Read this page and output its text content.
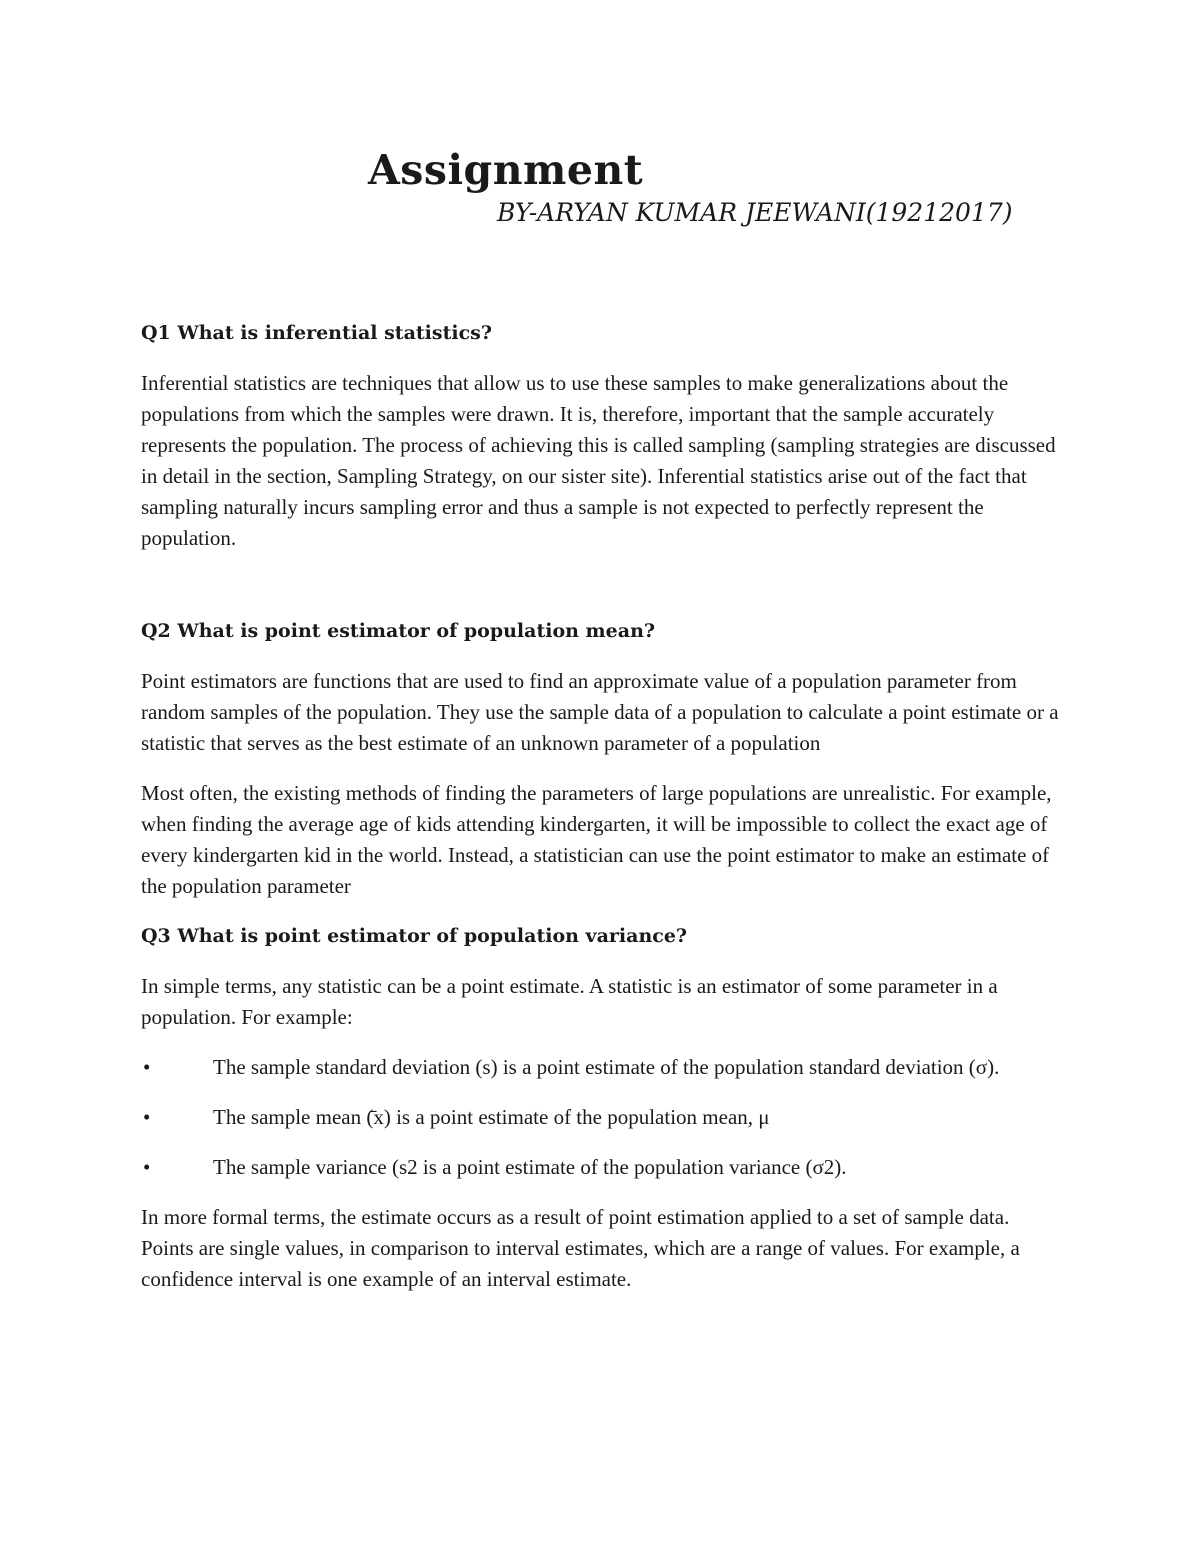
Assignment

BY-ARYAN KUMAR JEEWANI(19212017)

Q1 What is inferential statistics?

Inferential statistics are techniques that allow us to use these samples to make generalizations about the populations from which the samples were drawn. It is, therefore, important that the sample accurately represents the population. The process of achieving this is called sampling (sampling strategies are discussed in detail in the section, Sampling Strategy, on our sister site). Inferential statistics arise out of the fact that sampling naturally incurs sampling error and thus a sample is not expected to perfectly represent the population.

Q2 What is point estimator of population mean?

Point estimators are functions that are used to find an approximate value of a population parameter from random samples of the population. They use the sample data of a population to calculate a point estimate or a statistic that serves as the best estimate of an unknown parameter of a population

Most often, the existing methods of finding the parameters of large populations are unrealistic. For example, when finding the average age of kids attending kindergarten, it will be impossible to collect the exact age of every kindergarten kid in the world. Instead, a statistician can use the point estimator to make an estimate of the population parameter

Q3 What is point estimator of population variance?

In simple terms, any statistic can be a point estimate. A statistic is an estimator of some parameter in a population. For example:

•	The sample standard deviation (s) is a point estimate of the population standard deviation (σ).

•	The sample mean (̄x) is a point estimate of the population mean, μ

•	The sample variance (s2 is a point estimate of the population variance (σ2).

In more formal terms, the estimate occurs as a result of point estimation applied to a set of sample data. Points are single values, in comparison to interval estimates, which are a range of values. For example, a confidence interval is one example of an interval estimate.
